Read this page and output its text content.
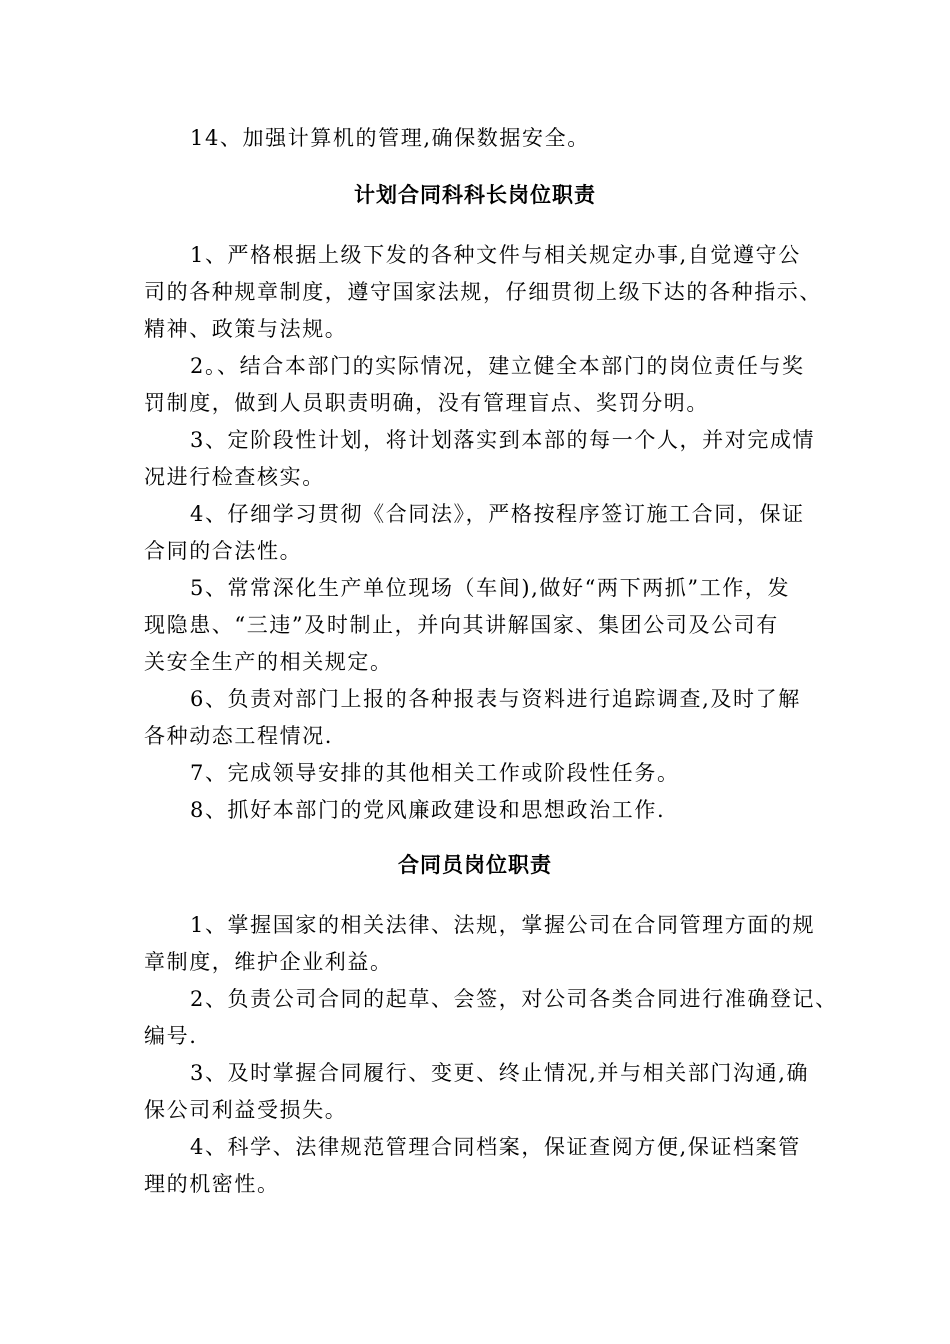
14、加强计算机的管理,确保数据安全。
计划合同科科长岗位职责
1、严格根据上级下发的各种文件与相关规定办事,自觉遵守公
司的各种规章制度，遵守国家法规，仔细贯彻上级下达的各种指示、
精神、政策与法规。
2。、结合本部门的实际情况，建立健全本部门的岗位责任与奖
罚制度，做到人员职责明确，没有管理盲点、奖罚分明。
3、定阶段性计划，将计划落实到本部的每一个人，并对完成情
况进行检查核实。
4、仔细学习贯彻《合同法》，严格按程序签订施工合同，保证
合同的合法性。
5、常常深化生产单位现场（车间),做好“两下两抓”工作，发
现隐患、“三违”及时制止，并向其讲解国家、集团公司及公司有
关安全生产的相关规定。
6、负责对部门上报的各种报表与资料进行追踪调查,及时了解
各种动态工程情况.
7、完成领导安排的其他相关工作或阶段性任务。
8、抓好本部门的党风廉政建设和思想政治工作.
合同员岗位职责
1、掌握国家的相关法律、法规，掌握公司在合同管理方面的规
章制度，维护企业利益。
2、负责公司合同的起草、会签，对公司各类合同进行准确登记、
编号.
3、及时掌握合同履行、变更、终止情况,并与相关部门沟通,确
保公司利益受损失。
4、科学、法律规范管理合同档案，保证查阅方便,保证档案管
理的机密性。
